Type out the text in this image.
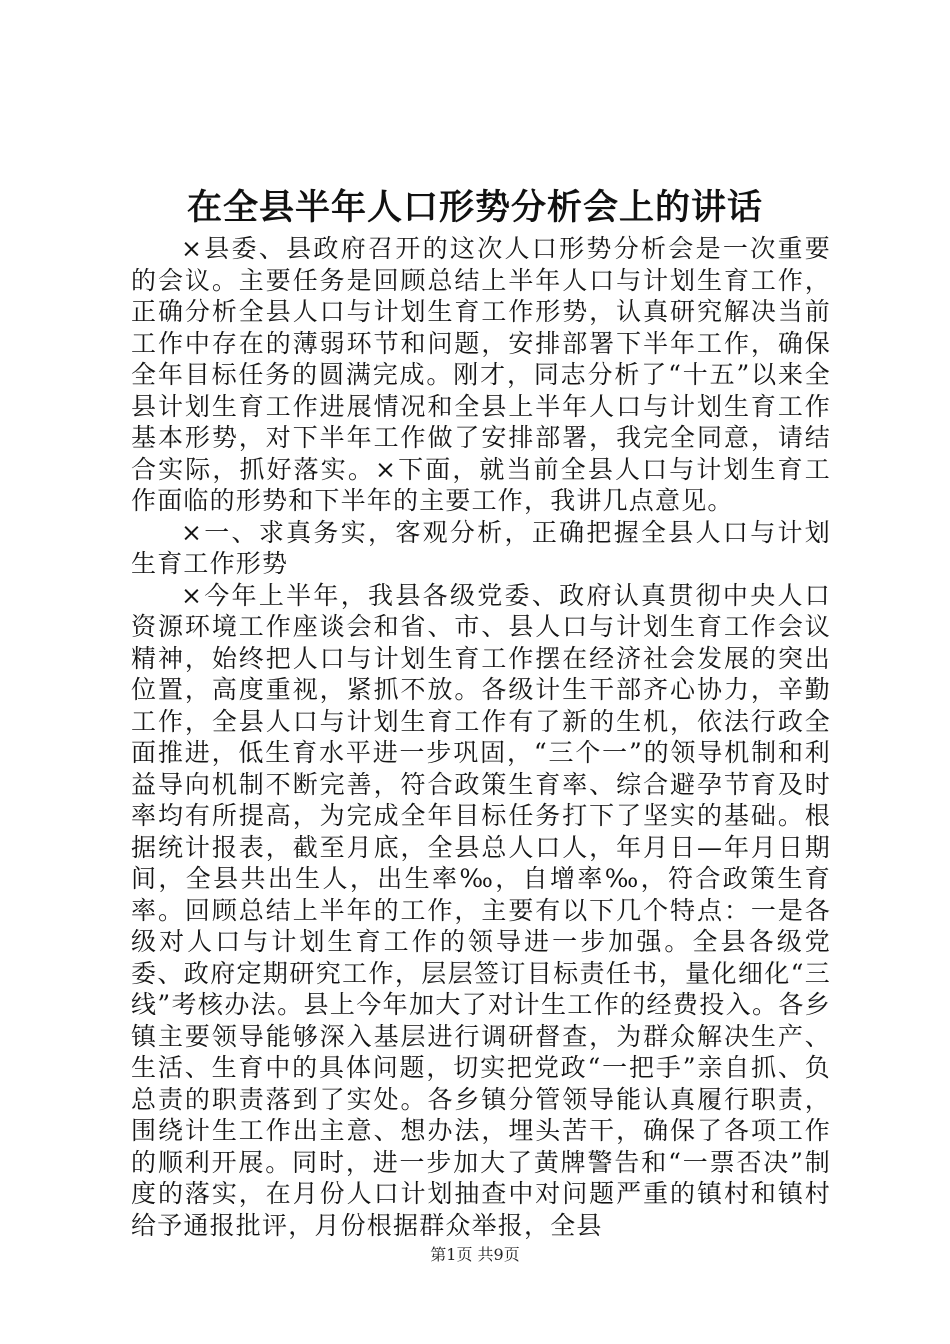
在全县半年人口形势分析会上的讲话

×县委、县政府召开的这次人口形势分析会是一次重要的会议。主要任务是回顾总结上半年人口与计划生育工作，正确分析全县人口与计划生育工作形势，认真研究解决当前工作中存在的薄弱环节和问题，安排部署下半年工作，确保全年目标任务的圆满完成。刚才，同志分析了“十五”以来全县计划生育工作进展情况和全县上半年人口与计划生育工作基本形势，对下半年工作做了安排部署，我完全同意，请结合实际，抓好落实。×下面，就当前全县人口与计划生育工作面临的形势和下半年的主要工作，我讲几点意见。

×一、求真务实，客观分析，正确把握全县人口与计划生育工作形势

×今年上半年，我县各级党委、政府认真贯彻中央人口资源环境工作座谈会和省、市、县人口与计划生育工作会议精神，始终把人口与计划生育工作摆在经济社会发展的突出位置，高度重视，紧抓不放。各级计生干部齐心协力，辛勤工作，全县人口与计划生育工作有了新的生机，依法行政全面推进，低生育水平进一步巩固，“三个一”的领导机制和利益导向机制不断完善，符合政策生育率、综合避孕节育及时率均有所提高，为完成全年目标任务打下了坚实的基础。根据统计报表，截至月底，全县总人口人，年月日—年月日期间，全县共出生人，出生率‰，自增率‰，符合政策生育率。回顾总结上半年的工作，主要有以下几个特点：一是各级对人口与计划生育工作的领导进一步加强。全县各级党委、政府定期研究工作，层层签订目标责任书，量化细化“三线”考核办法。县上今年加大了对计生工作的经费投入。各乡镇主要领导能够深入基层进行调研督查，为群众解决生产、生活、生育中的具体问题，切实把党政“一把手”亲自抓、负总责的职责落到了实处。各乡镇分管领导能认真履行职责，围绕计生工作出主意、想办法，埋头苦干，确保了各项工作的顺利开展。同时，进一步加大了黄牌警告和“一票否决”制度的落实，在月份人口计划抽查中对问题严重的镇村和镇村给予通报批评，月份根据群众举报，全县

第1页 共9页
